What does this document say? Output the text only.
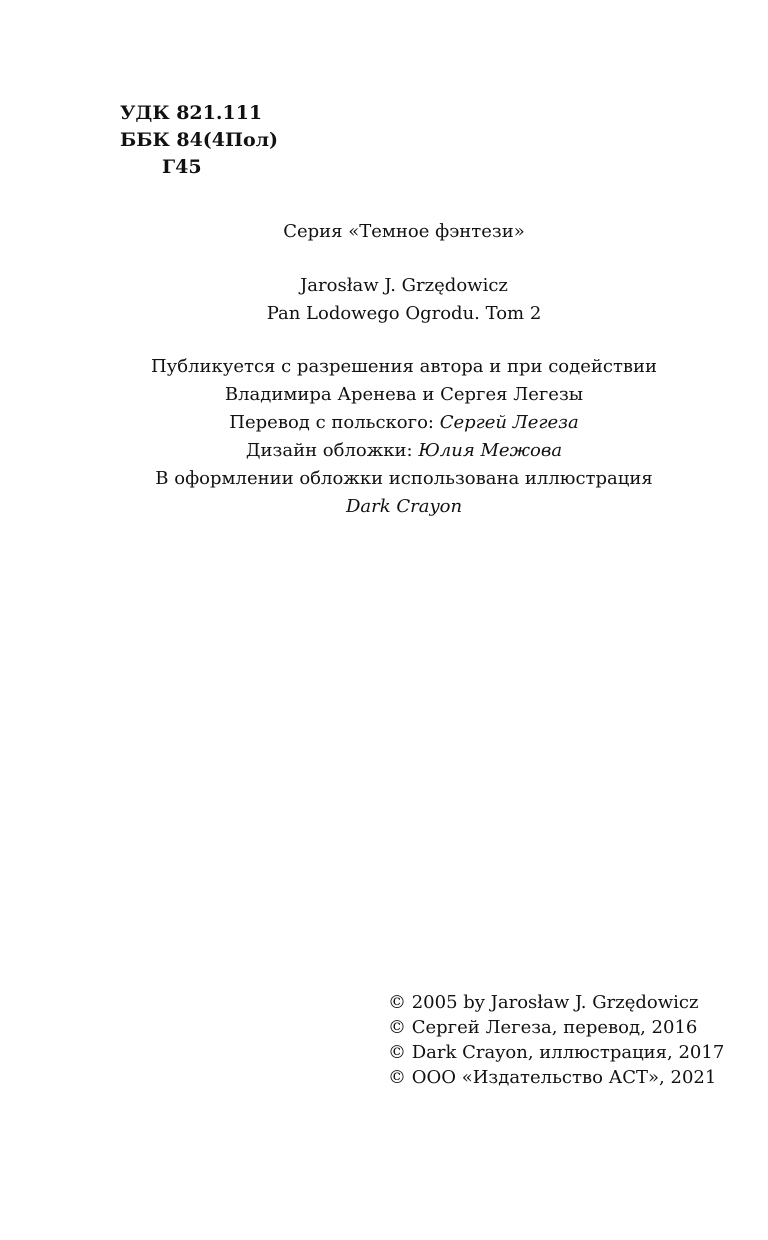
УДК 821.111
ББК 84(4Пол)
Г45
Серия «Темное фэнтези»
Jarosław J. Grzędowicz
Pan Lodowego Ogrodu. Tom 2
Публикуется с разрешения автора и при содействии
Владимира Аренева и Сергея Легезы
Перевод с польского: Сергей Легеза
Дизайн обложки: Юлия Межова
В оформлении обложки использована иллюстрация
Dark Crayon
© 2005 by Jarosław J. Grzędowicz
© Сергей Легеза, перевод, 2016
© Dark Crayon, иллюстрация, 2017
© ООО «Издательство АСТ», 2021
